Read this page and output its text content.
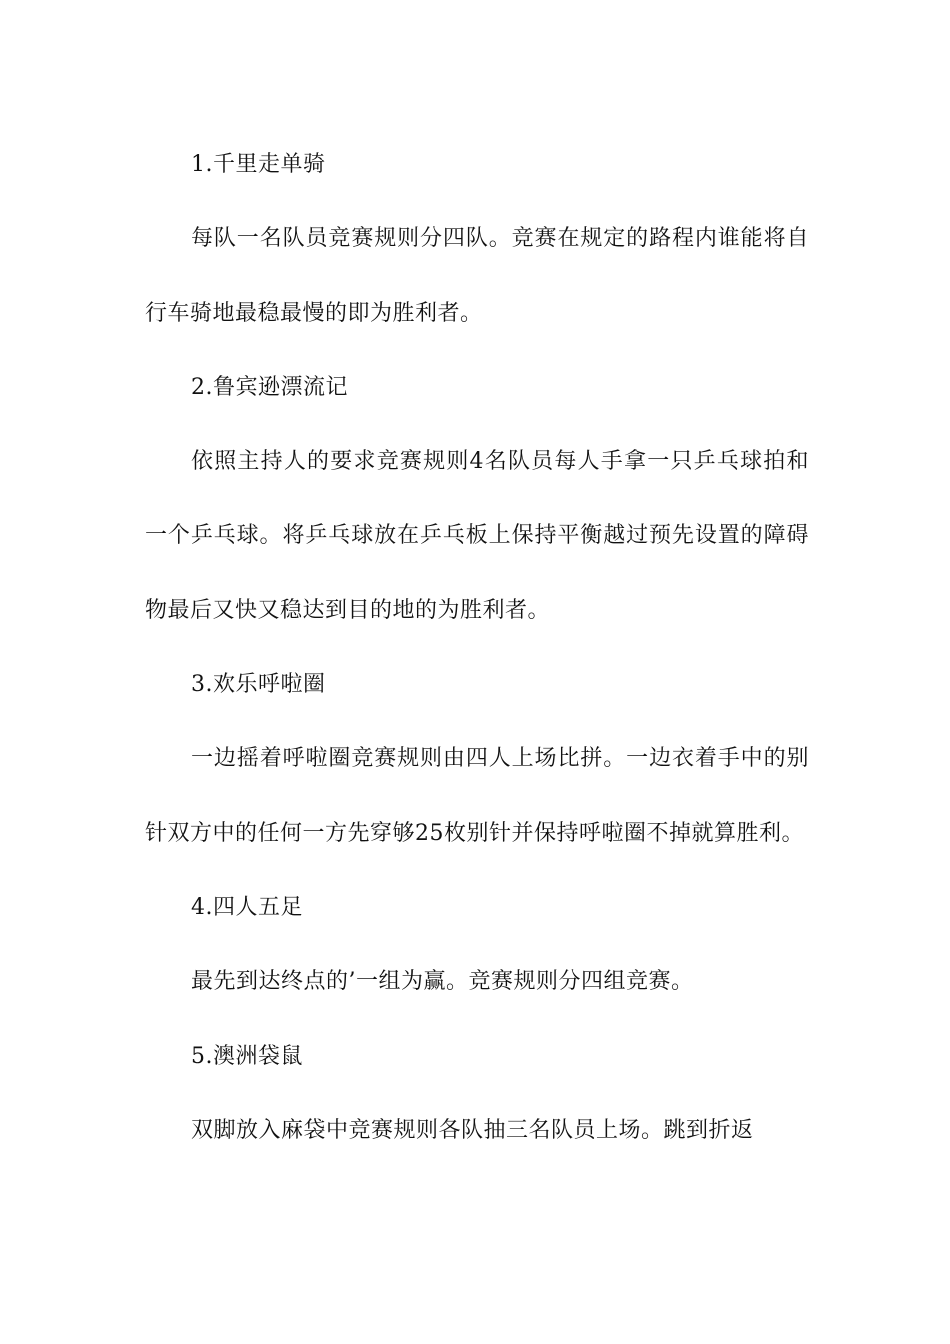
1.千里走单骑

每队一名队员竞赛规则分四队。竞赛在规定的路程内谁能将自行车骑地最稳最慢的即为胜利者。

2.鲁宾逊漂流记

依照主持人的要求竞赛规则4名队员每人手拿一只乒乓球拍和一个乒乓球。将乒乓球放在乒乓板上保持平衡越过预先设置的障碍物最后又快又稳达到目的地的为胜利者。

3.欢乐呼啦圈

一边摇着呼啦圈竞赛规则由四人上场比拼。一边衣着手中的别针双方中的任何一方先穿够25枚别针并保持呼啦圈不掉就算胜利。

4.四人五足

最先到达终点的’一组为赢。竞赛规则分四组竞赛。

5.澳洲袋鼠

双脚放入麻袋中竞赛规则各队抽三名队员上场。跳到折返
